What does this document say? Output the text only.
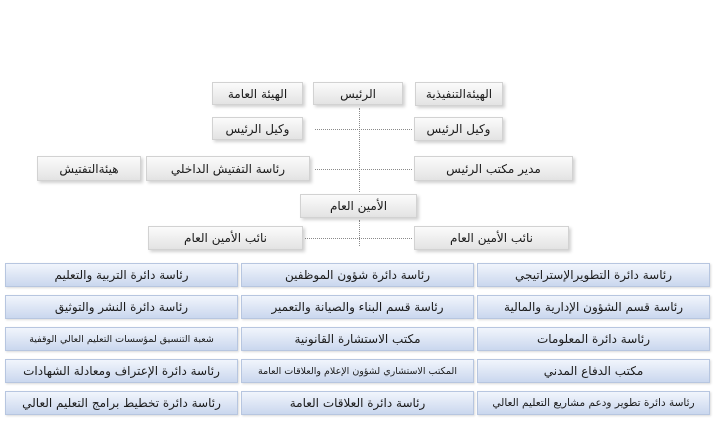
الهيئةالتنفيذية
الرئيس
الهيئة العامة
وكيل الرئيس
وكيل الرئيس
مدير مكتب الرئيس
رئاسة التفتيش الداخلي
هيئةالتفتيش
الأمين العام
نائب الأمين العام
نائب الأمين العام
رئاسة دائرة التطويرالإستراتيجي
رئاسة قسم الشؤون الإدارية والمالية
رئاسة دائرة المعلومات
مكتب الدفاع المدني
رئاسة دائرة تطوير ودعم مشاريع التعليم العالي
رئاسة دائرة شؤون الموظفين
رئاسة قسم البناء والصيانة والتعمير
مكتب الاستشارة القانونية
المكتب الاستشاري لشؤون الإعلام والعلاقات العامة
رئاسة دائرة العلاقات العامة
رئاسة دائرة التربية والتعليم
رئاسة دائرة النشر والتوثيق
شعبة التنسيق لمؤسسات التعليم العالي الوقفية
رئاسة دائرة الإعتراف ومعادلة الشهادات
رئاسة دائرة تخطيط برامج التعليم العالي
